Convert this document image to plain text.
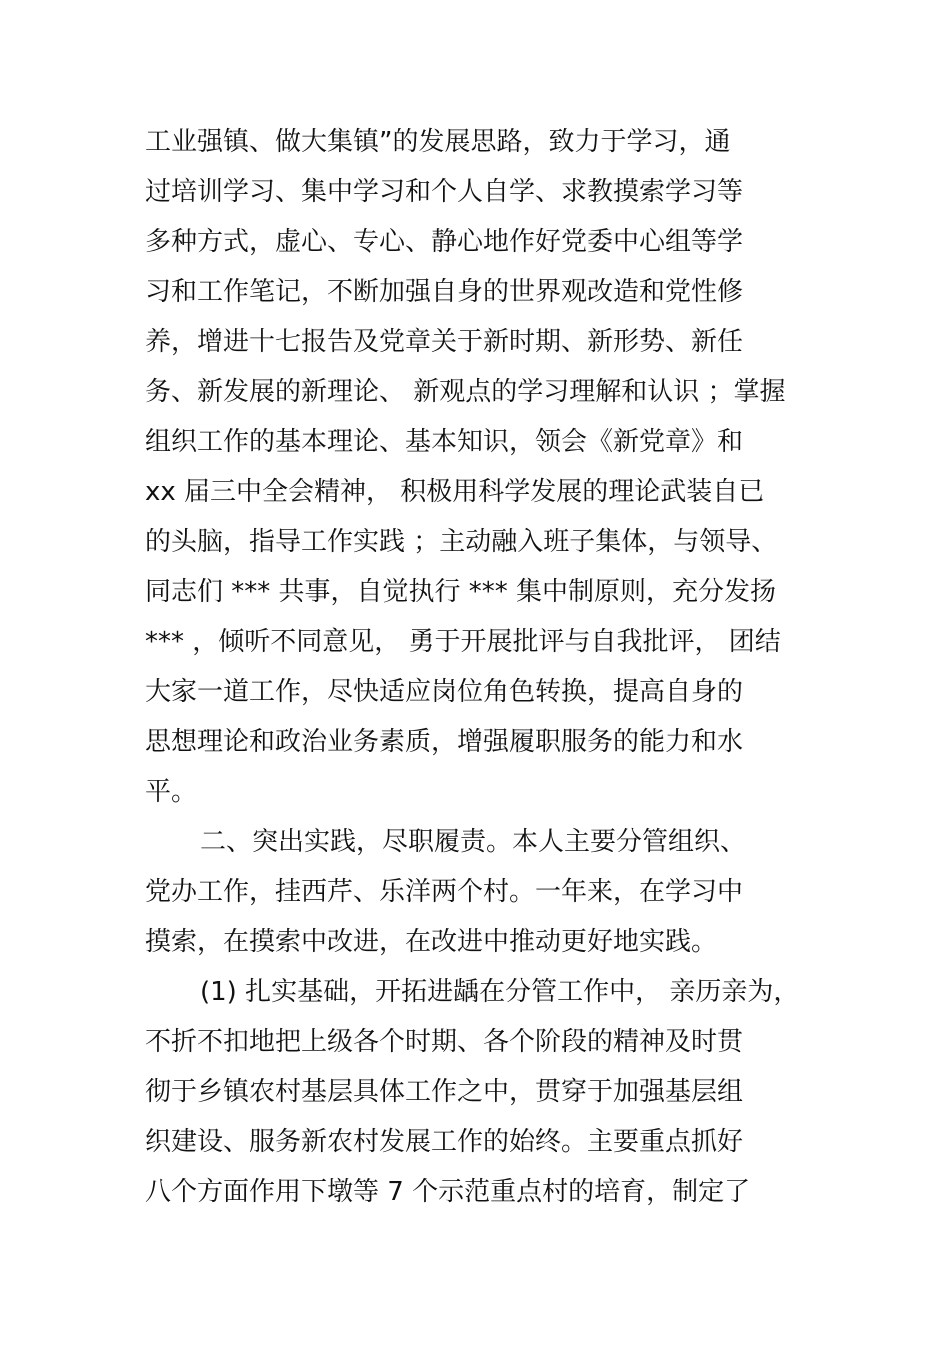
工业强镇、做大集镇”的发展思路，致力于学习，通
过培训学习、集中学习和个人自学、求教摸索学习等
多种方式，虚心、专心、静心地作好党委中心组等学
习和工作笔记，不断加强自身的世界观改造和党性修
养，增进十七报告及党章关于新时期、新形势、新任
务、新发展的新理论、 新观点的学习理解和认识 ；掌握
组织工作的基本理论、基本知识，领会《新党章》和
xx 届三中全会精神， 积极用科学发展的理论武装自已
的头脑，指导工作实践 ；主动融入班子集体，与领导、
同志们 *** 共事，自觉执行 *** 集中制原则，充分发扬
*** ，倾听不同意见， 勇于开展批评与自我批评， 团结
大家一道工作，尽快适应岗位角色转换，提高自身的
思想理论和政治业务素质，增强履职服务的能力和水
平。
二、突出实践，尽职履责。本人主要分管组织、
党办工作，挂西芹、乐洋两个村。一年来，在学习中
摸索，在摸索中改进，在改进中推动更好地实践。
(1) 扎实基础，开拓进龋在分管工作中， 亲历亲为，
不折不扣地把上级各个时期、各个阶段的精神及时贯
彻于乡镇农村基层具体工作之中，贯穿于加强基层组
织建设、服务新农村发展工作的始终。主要重点抓好
八个方面作用下墩等 7 个示范重点村的培育，制定了
